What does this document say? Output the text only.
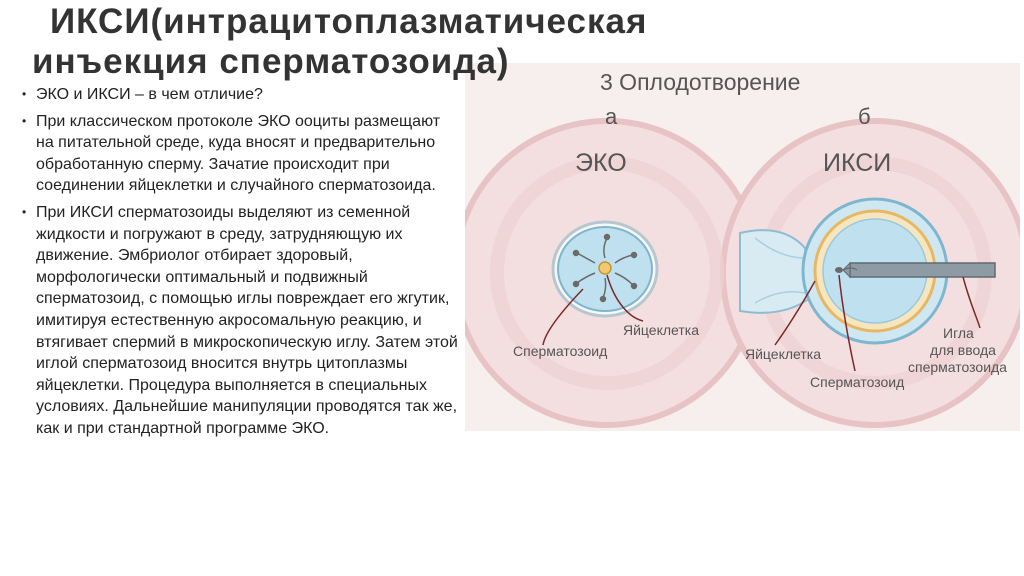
3 Оплодотворение
а	б
ЭКО	ИКСИ
Сперматозоид
Яйцеклетка
Яйцеклетка
Сперматозоид
Игла
для ввода
сперматозоида
ИКСИ(интрацитоплазматическая
инъекция сперматозоида)
• ЭКО и ИКСИ – в чем отличие?
• При классическом протоколе ЭКО ооциты размещают на питательной среде, куда вносят и предварительно обработанную сперму. Зачатие происходит при соединении яйцеклетки и случайного сперматозоида.
• При ИКСИ сперматозоиды выделяют из семенной жидкости и погружают в среду, затрудняющую их движение. Эмбриолог отбирает здоровый, морфологически оптимальный и подвижный сперматозоид, с помощью иглы повреждает его жгутик, имитируя естественную акросомальную реакцию, и втягивает спермий в микроскопическую иглу. Затем этой иглой сперматозоид вносится внутрь цитоплазмы яйцеклетки. Процедура выполняется в специальных условиях. Дальнейшие манипуляции проводятся так же, как и при стандартной программе ЭКО.
